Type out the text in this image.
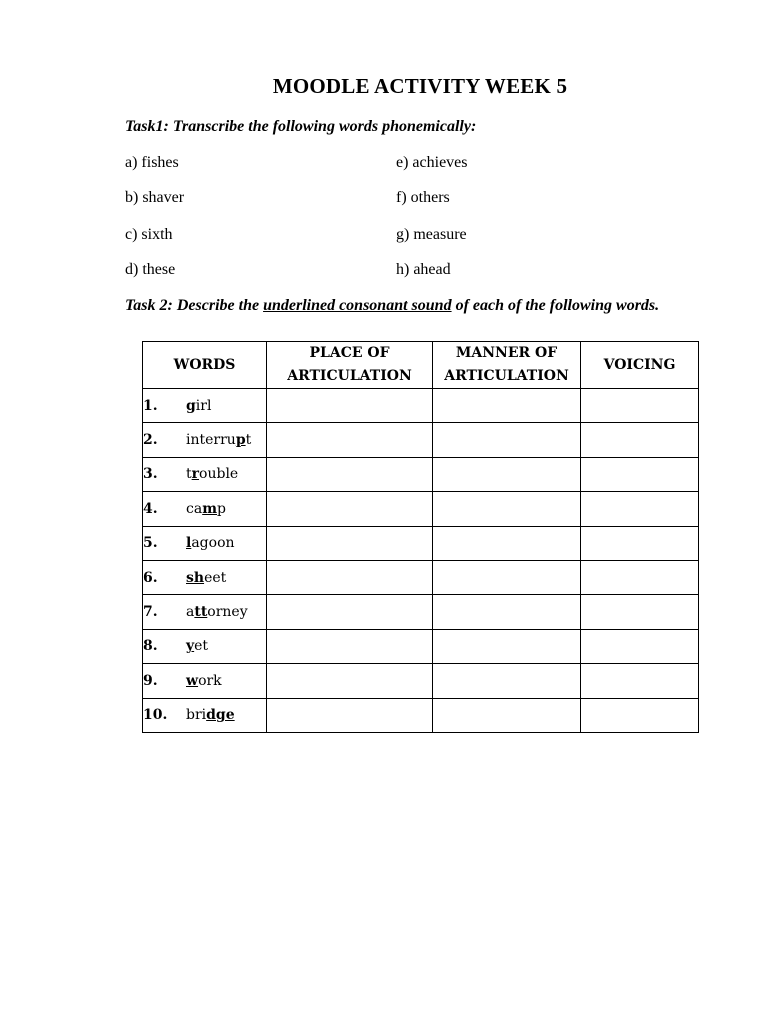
MOODLE ACTIVITY WEEK 5
Task1: Transcribe the following words phonemically:
a) fishes
b) shaver
c) sixth
d) these
e) achieves
f) others
g) measure
h) ahead
Task 2: Describe the underlined consonant sound of each of the following words.
WORDS	PLACE OF ARTICULATION	MANNER OF ARTICULATION	VOICING
1. girl			
2. interrupt			
3. trouble			
4. camp			
5. lagoon			
6. sheet			
7. attorney			
8. yet			
9. work			
10. bridge			
